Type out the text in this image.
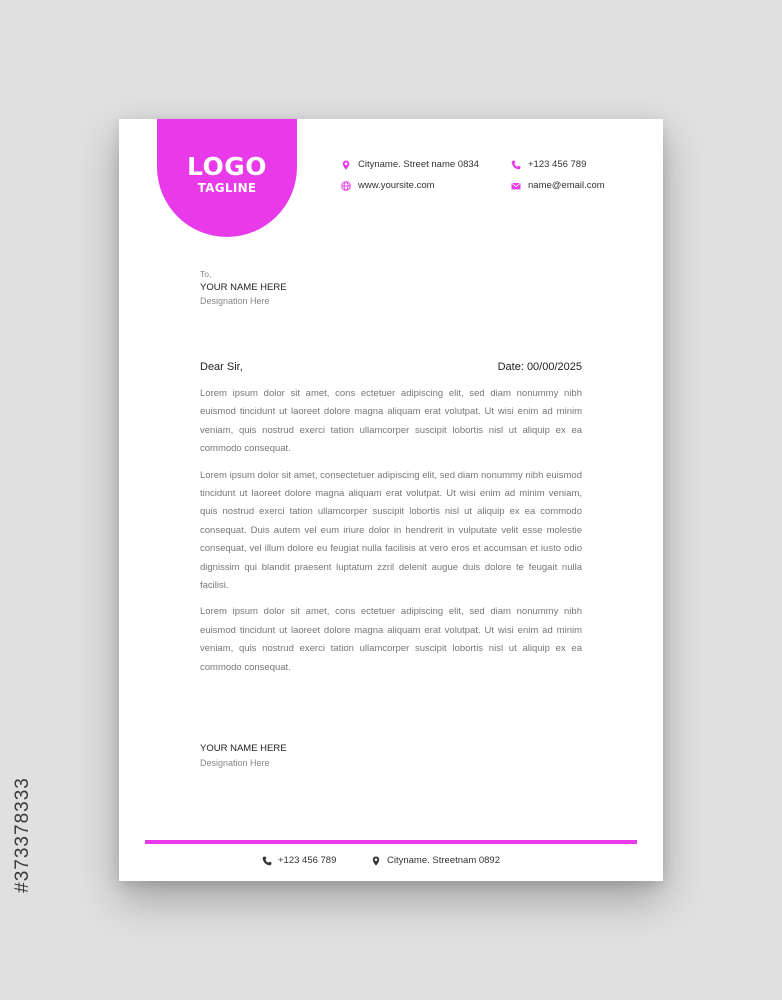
#373378333
LOGO
TAGLINE
Cityname. Street name 0834	+123 456 789
www.yoursite.com	name@email.com
To,
YOUR NAME HERE
Designation Here
Dear Sir,	Date: 00/00/2025

Lorem ipsum dolor sit amet, cons ectetuer adipiscing elit, sed diam nonummy nibh euismod tincidunt ut laoreet dolore magna aliquam erat volutpat. Ut wisi enim ad minim veniam, quis nostrud exerci tation ullamcorper suscipit lobortis nisl ut aliquip ex ea commodo consequat.

Lorem ipsum dolor sit amet, consectetuer adipiscing elit, sed diam nonummy nibh euismod tincidunt ut laoreet dolore magna aliquam erat volutpat. Ut wisi enim ad minim veniam, quis nostrud exerci tation ullamcorper suscipit lobortis nisl ut aliquip ex ea commodo consequat. Duis autem vel eum iriure dolor in hendrerit in vulputate velit esse molestie consequat, vel illum dolore eu feugiat nulla facilisis at vero eros et accumsan et iusto odio dignissim qui blandit praesent luptatum zzril delenit augue duis dolore te feugait nulla facilisi.

Lorem ipsum dolor sit amet, cons ectetuer adipiscing elit, sed diam nonummy nibh euismod tincidunt ut laoreet dolore magna aliquam erat volutpat. Ut wisi enim ad minim veniam, quis nostrud exerci tation ullamcorper suscipit lobortis nisl ut aliquip ex ea commodo consequat.

YOUR NAME HERE
Designation Here
+123 456 789	Cityname. Streetnam 0892
